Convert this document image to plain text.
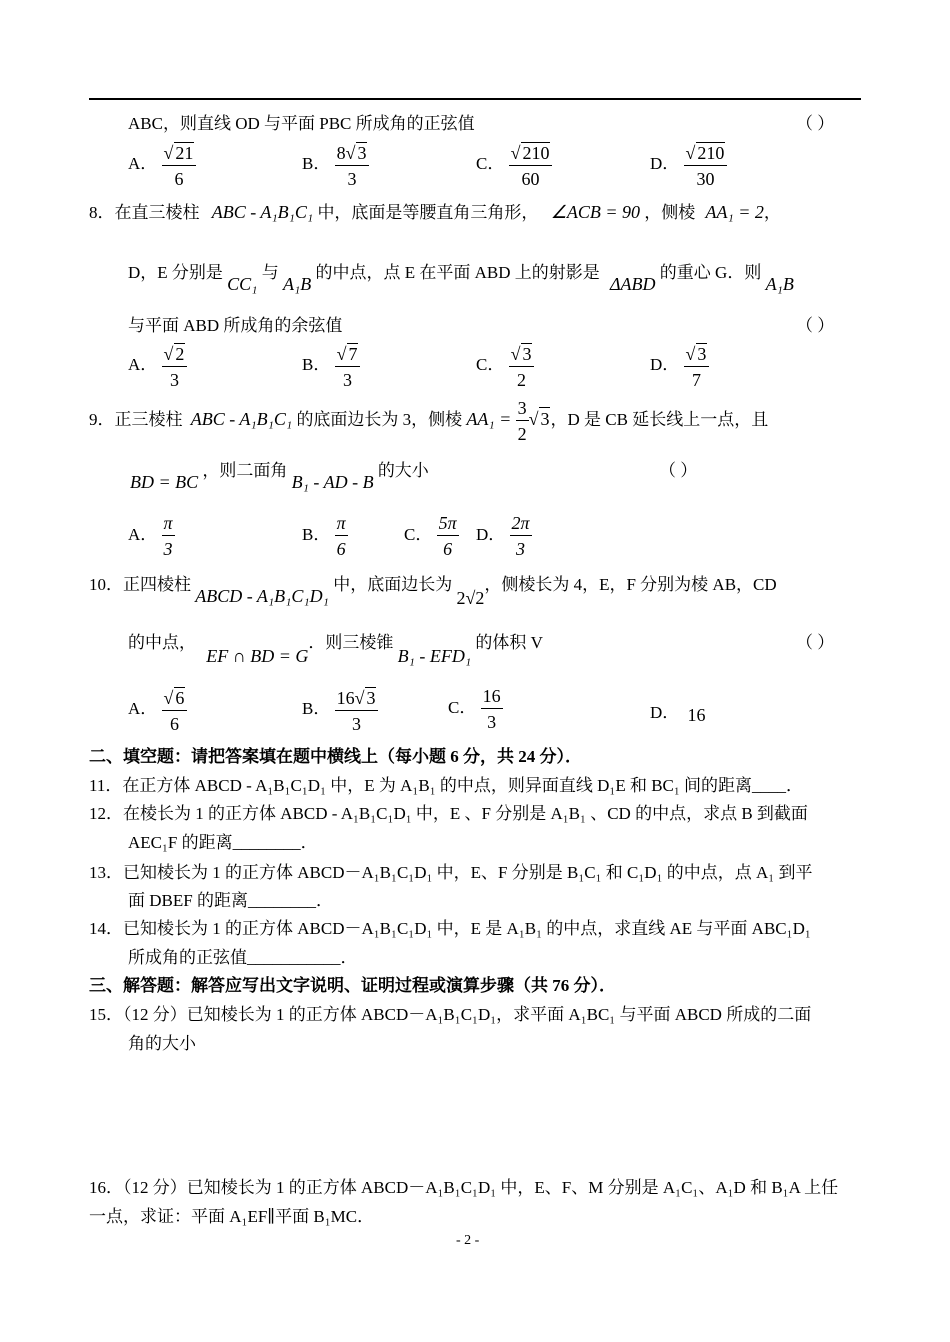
ABC，则直线 OD 与平面 PBC 所成角的正弦值	（ ）
A． $\frac{√ 21}{6}$	B． $\frac{8√ 3}{3}$	C． $\frac{√ 210}{60}$	D． $\frac{√ 210}{30}$
8．在直三棱柱 ABC - A₁B₁C₁ 中，底面是等腰直角三角形， ∠ACB = 90 ，侧棱 AA₁ = 2，
D，E 分别是 CC₁ 与 A₁B 的中点，点 E 在平面 ABD 上的射影是 ΔABD 的重心 G．则 A₁B
与平面 ABD 所成角的余弦值	（ ）
A． $\frac{√ 2}{3}$	B． $\frac{√ 7}{3}$	C． $\frac{√ 3}{2}$	D． $\frac{√ 3}{7}$
9．正三棱柱 ABC - A₁B₁C₁ 的底面边长为 3，侧棱 $AA_1 = \frac{3}{2}$ √ 3，D 是 CB 延长线上一点，且
BD = BC ，则二面角 B₁ - AD - B 的大小	（ ）
A． $\frac{\pi}{3}$	B． $\frac{\pi}{6}$	C． $\frac{5\pi}{6}$ D． $\frac{2\pi}{3}$
10．正四棱柱 ABCD - A₁B₁C₁D₁ 中，底面边长为 2√2，侧棱长为 4，E，F 分别为棱 AB，CD
的中点， EF ∩ BD = G．则三棱锥 B₁ - EFD₁ 的体积 V	（ ）
A． $\frac{√ 6}{6}$	B． $\frac{16√ 3}{3}$	C． $\frac{16}{3}$	D． 16
二、填空题：请把答案填在题中横线上（每小题 6 分，共 24 分）．
11．在正方体 ABCD - A₁B₁C₁D₁ 中，E 为 A₁B₁ 的中点，则异面直线 D₁E 和 BC₁ 间的距离____．
12．在棱长为 1 的正方体 ABCD - A₁B₁C₁D₁ 中，E 、F 分别是 A₁B₁ 、CD 的中点，求点 B 到截面
AEC₁F 的距离________．
13．已知棱长为 1 的正方体 ABCD－A₁B₁C₁D₁ 中，E、F 分别是 B₁C₁ 和 C₁D₁ 的中点，点 A₁ 到平
面 DBEF 的距离________．
14．已知棱长为 1 的正方体 ABCD－A₁B₁C₁D₁ 中，E 是 A₁B₁ 的中点，求直线 AE 与平面 ABC₁D₁
所成角的正弦值___________．
三、解答题：解答应写出文字说明、证明过程或演算步骤（共 76 分）．
15．（12 分）已知棱长为 1 的正方体 ABCD－A₁B₁C₁D₁，求平面 A₁BC₁ 与平面 ABCD 所成的二面
角的大小
16．（12 分）已知棱长为 1 的正方体 ABCD－A₁B₁C₁D₁ 中，E、F、M 分别是 A₁C₁、A₁D 和 B₁A 上任
一点，求证：平面 A₁EF∥平面 B₁MC．
- 2 -
